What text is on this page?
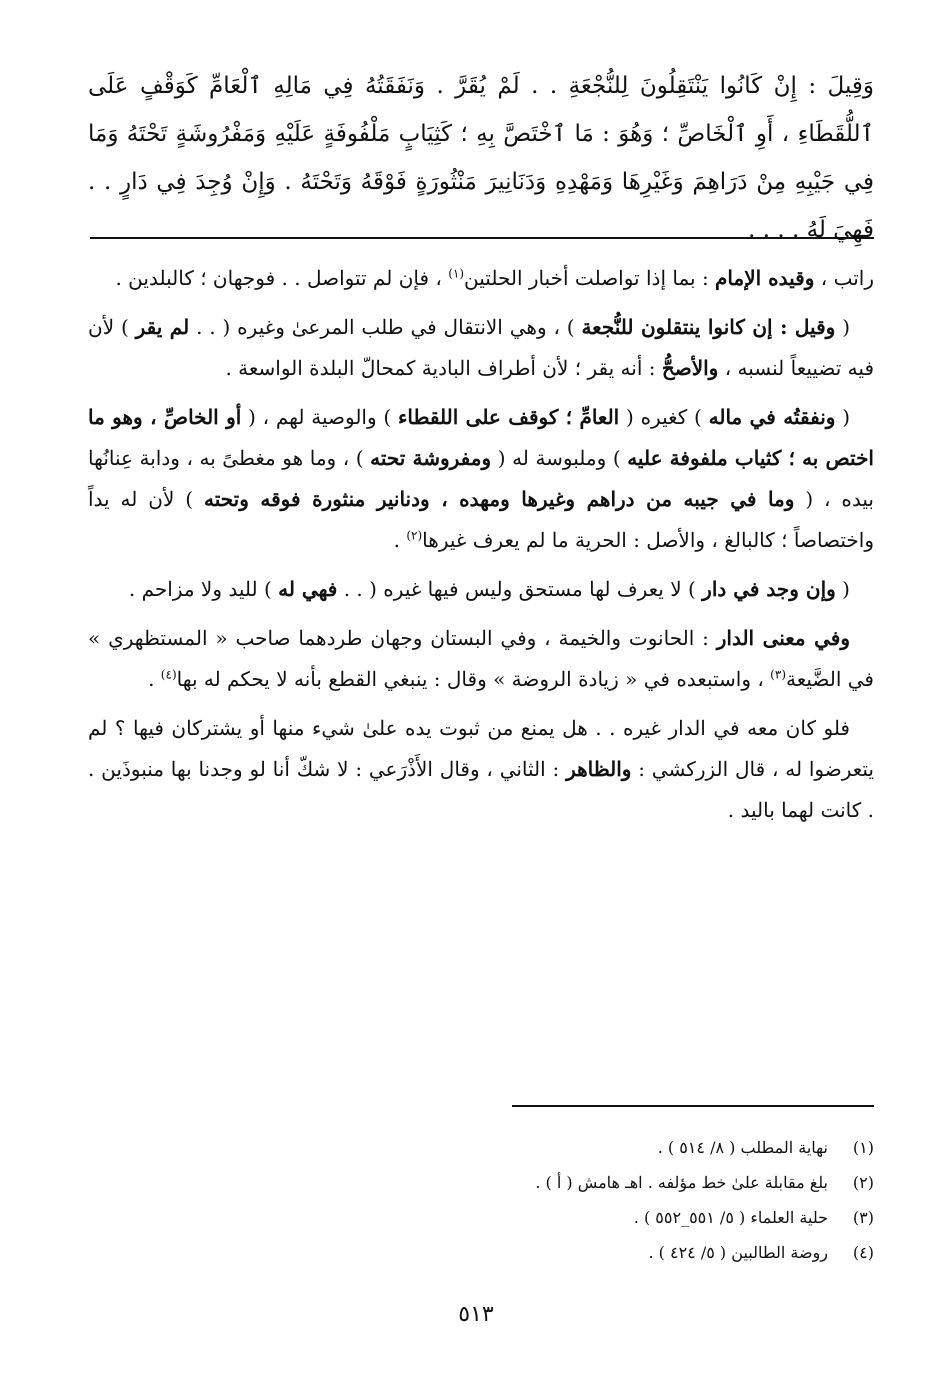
وَقِيلَ : إِنْ كَانُوا يَنْتَقِلُونَ لِلنُّجْعَةِ . . لَمْ يُقَرَّ . وَنَفَقَتُهُ فِي مَالِهِ ٱلْعَامِّ كَوَقْفٍ عَلَى ٱللُّقَطَاءِ ، أَوِ ٱلْخَاصِّ ؛ وَهُوَ : مَا ٱخْتَصَّ بِهِ ؛ كَثِيَابٍ مَلْفُوفَةٍ عَلَيْهِ وَمَفْرُوشَةٍ تَحْتَهُ وَمَا فِي جَيْبِهِ مِنْ دَرَاهِمَ وَغَيْرِهَا وَمَهْدِهِ وَدَنَانِيرَ مَنْثُورَةٍ فَوْقَهُ وَتَحْتَهُ . وَإِنْ وُجِدَ فِي دَارٍ . . فَهِيَ لَهُ . . . .

راتب ، وقيده الإمام : بما إذا تواصلت أخبار الحلتين$^{(١)}$ ، فإن لم تتواصل . . فوجهان ؛ كالبلدين .

( وقيل : إن كانوا ينتقلون للنُّجعة ) ، وهي الانتقال في طلب المرعىٰ وغيره ( . . لم يقر ) لأن فيه تضييعاً لنسبه ، والأصحُّ : أنه يقر ؛ لأن أطراف البادية كمحالّ البلدة الواسعة .

( ونفقتُه في ماله ) كغيره ( العامِّ ؛ كوقف على اللقطاء ) والوصية لهم ، ( أو الخاصِّ ، وهو ما اختص به ؛ كثياب ملفوفة عليه ) وملبوسة له ( ومفروشة تحته ) ، وما هو مغطىً به ، ودابة عِنانُها بيده ، ( وما في جيبه من دراهم وغيرها ومهده ، ودنانير منثورة فوقه وتحته ) لأن له يداً واختصاصاً ؛ كالبالغ ، والأصل : الحرية ما لم يعرف غيرها$^{(٢)}$ .

( وإن وجد في دار ) لا يعرف لها مستحق وليس فيها غيره ( . . فهي له ) لليد ولا مزاحم .

وفي معنى الدار : الحانوت والخيمة ، وفي البستان وجهان طردهما صاحب « المستظهري » في الضَّيعة$^{(٣)}$ ، واستبعده في « زيادة الروضة » وقال : ينبغي القطع بأنه لا يحكم له بها$^{(٤)}$ .

فلو كان معه في الدار غيره . . هل يمنع من ثبوت يده علىٰ شيء منها أو يشتركان فيها ؟ لم يتعرضوا له ، قال الزركشي : والظاهر : الثاني ، وقال الأَذْرَعي : لا شكّ أنا لو وجدنا بها منبوذَين . . كانت لهما باليد .

(١)
نهاية المطلب ( ٨/ ٥١٤ ) .
(٢)
بلغ مقابلة علىٰ خط مؤلفه . اهـ هامش ( أ ) .
(٣)
حلية العلماء ( ٥/ ٥٥١_٥٥٢ ) .
(٤)
روضة الطالبين ( ٥/ ٤٢٤ ) .
٥١٣
